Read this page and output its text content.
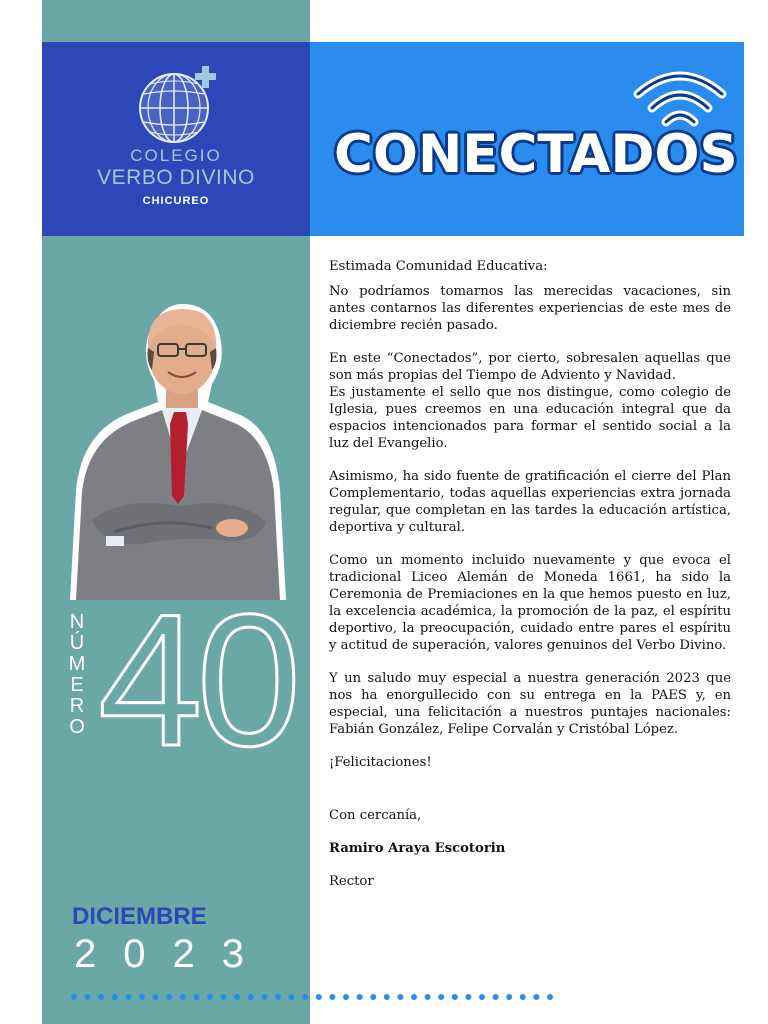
COLEGIO
VERBO DIVINO
CHICUREO
CONECTADOS
N
Ú
M
E
R
O 40
DICIEMBRE
2023

Estimada Comunidad Educativa:

No podríamos tomarnos las merecidas vacaciones, sin antes contarnos las diferentes experiencias de este mes de diciembre recién pasado.

En este “Conectados”, por cierto, sobresalen aquellas que son más propias del Tiempo de Adviento y Navidad.

Es justamente el sello que nos distingue, como colegio de Iglesia, pues creemos en una educación integral que da espacios intencionados para formar el sentido social a la luz del Evangelio.

Asimismo, ha sido fuente de gratificación el cierre del Plan Complementario, todas aquellas experiencias extra jornada regular, que completan en las tardes la educación artística, deportiva y cultural.

Como un momento incluido nuevamente y que evoca el tradicional Liceo Alemán de Moneda 1661, ha sido la Ceremonia de Premiaciones en la que hemos puesto en luz, la excelencia académica, la promoción de la paz, el espíritu deportivo, la preocupación, cuidado entre pares el espíritu y actitud de superación, valores genuinos del Verbo Divino.

Y un saludo muy especial a nuestra generación 2023 que nos ha enorgullecido con su entrega en la PAES y, en especial, una felicitación a nuestros puntajes nacionales: Fabián González, Felipe Corvalán y Cristóbal López.

¡Felicitaciones!

Con cercanía,

Ramiro Araya Escotorin

Rector
